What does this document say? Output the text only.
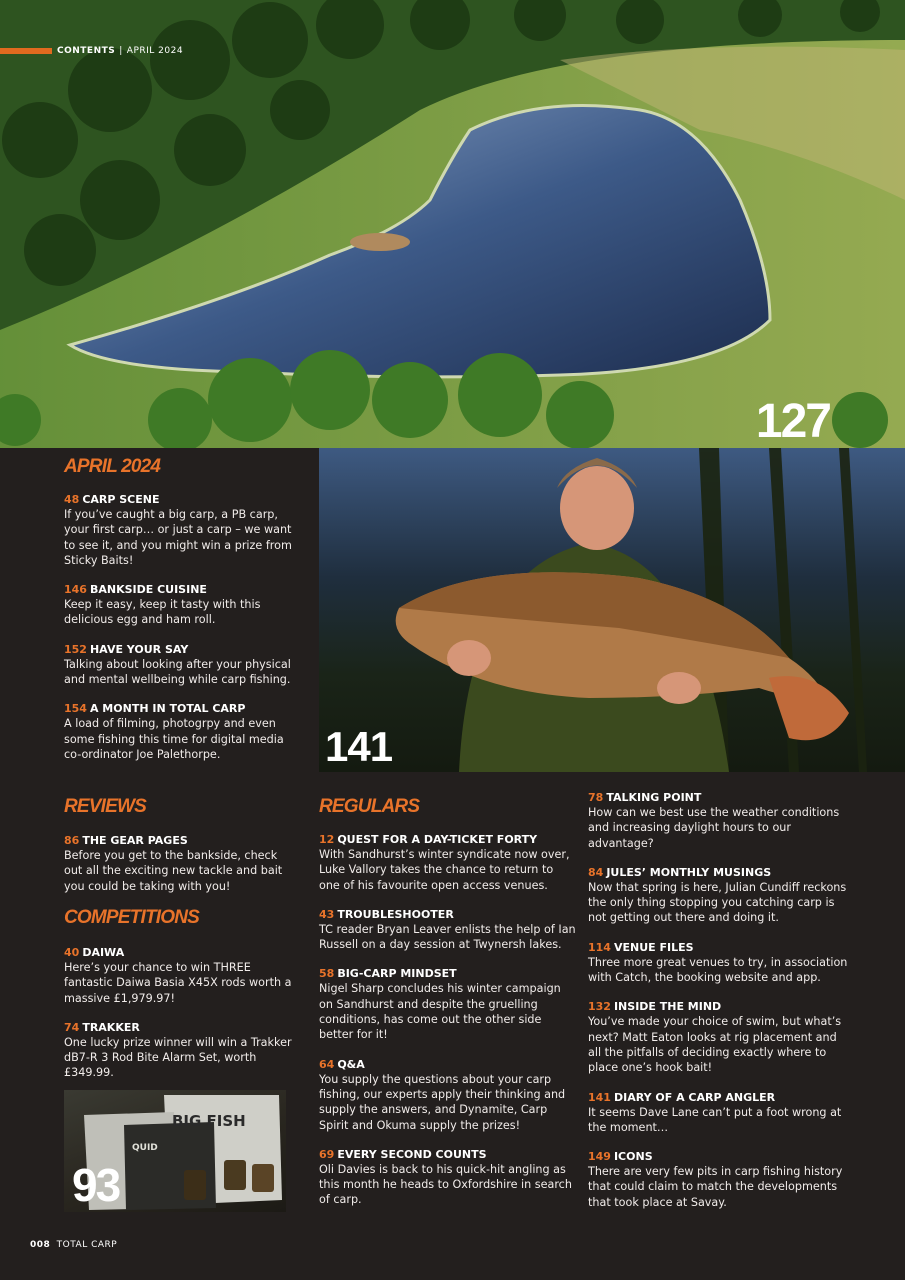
127
CONTENTS | APRIL 2024
141
APRIL 2024
48 CARP SCENE
If you’ve caught a big carp, a PB carp, your first carp… or just a carp – we want to see it, and you might win a prize from Sticky Baits!
146 BANKSIDE CUISINE
Keep it easy, keep it tasty with this delicious egg and ham roll.
152 HAVE YOUR SAY
Talking about looking after your physical and mental wellbeing while carp fishing.
154 A MONTH IN TOTAL CARP
A load of filming, photogrpy and even some fishing this time for digital media co-ordinator Joe Palethorpe.
REVIEWS
86 THE GEAR PAGES
Before you get to the bankside, check out all the exciting new tackle and bait you could be taking with you!
COMPETITIONS
40 DAIWA
Here’s your chance to win THREE fantastic Daiwa Basia X45X rods worth a massive £1,979.97!
74 TRAKKER
One lucky prize winner will win a Trakker dB7-R 3 Rod Bite Alarm Set, worth £349.99.
BIG FISH
QUID
93
REGULARS
12 QUEST FOR A DAY-TICKET FORTY
With Sandhurst’s winter syndicate now over, Luke Vallory takes the chance to return to one of his favourite open access venues.
43 TROUBLESHOOTER
TC reader Bryan Leaver enlists the help of Ian Russell on a day session at Twynersh lakes.
58 BIG-CARP MINDSET
Nigel Sharp concludes his winter campaign on Sandhurst and despite the gruelling conditions, has come out the other side better for it!
64 Q&A
You supply the questions about your carp fishing, our experts apply their thinking and supply the answers, and Dynamite, Carp Spirit and Okuma supply the prizes!
69 EVERY SECOND COUNTS
Oli Davies is back to his quick-hit angling as this month he heads to Oxfordshire in search of carp.
78 TALKING POINT
How can we best use the weather conditions and increasing daylight hours to our advantage?
84 JULES’ MONTHLY MUSINGS
Now that spring is here, Julian Cundiff reckons the only thing stopping you catching carp is not getting out there and doing it.
114 VENUE FILES
Three more great venues to try, in association with Catch, the booking website and app.
132 INSIDE THE MIND
You’ve made your choice of swim, but what’s next? Matt Eaton looks at rig placement and all the pitfalls of deciding exactly where to place one’s hook bait!
141 DIARY OF A CARP ANGLER
It seems Dave Lane can’t put a foot wrong at the moment…
149 ICONS
There are very few pits in carp fishing history that could claim to match the developments that took place at Savay.
008 TOTAL CARP
